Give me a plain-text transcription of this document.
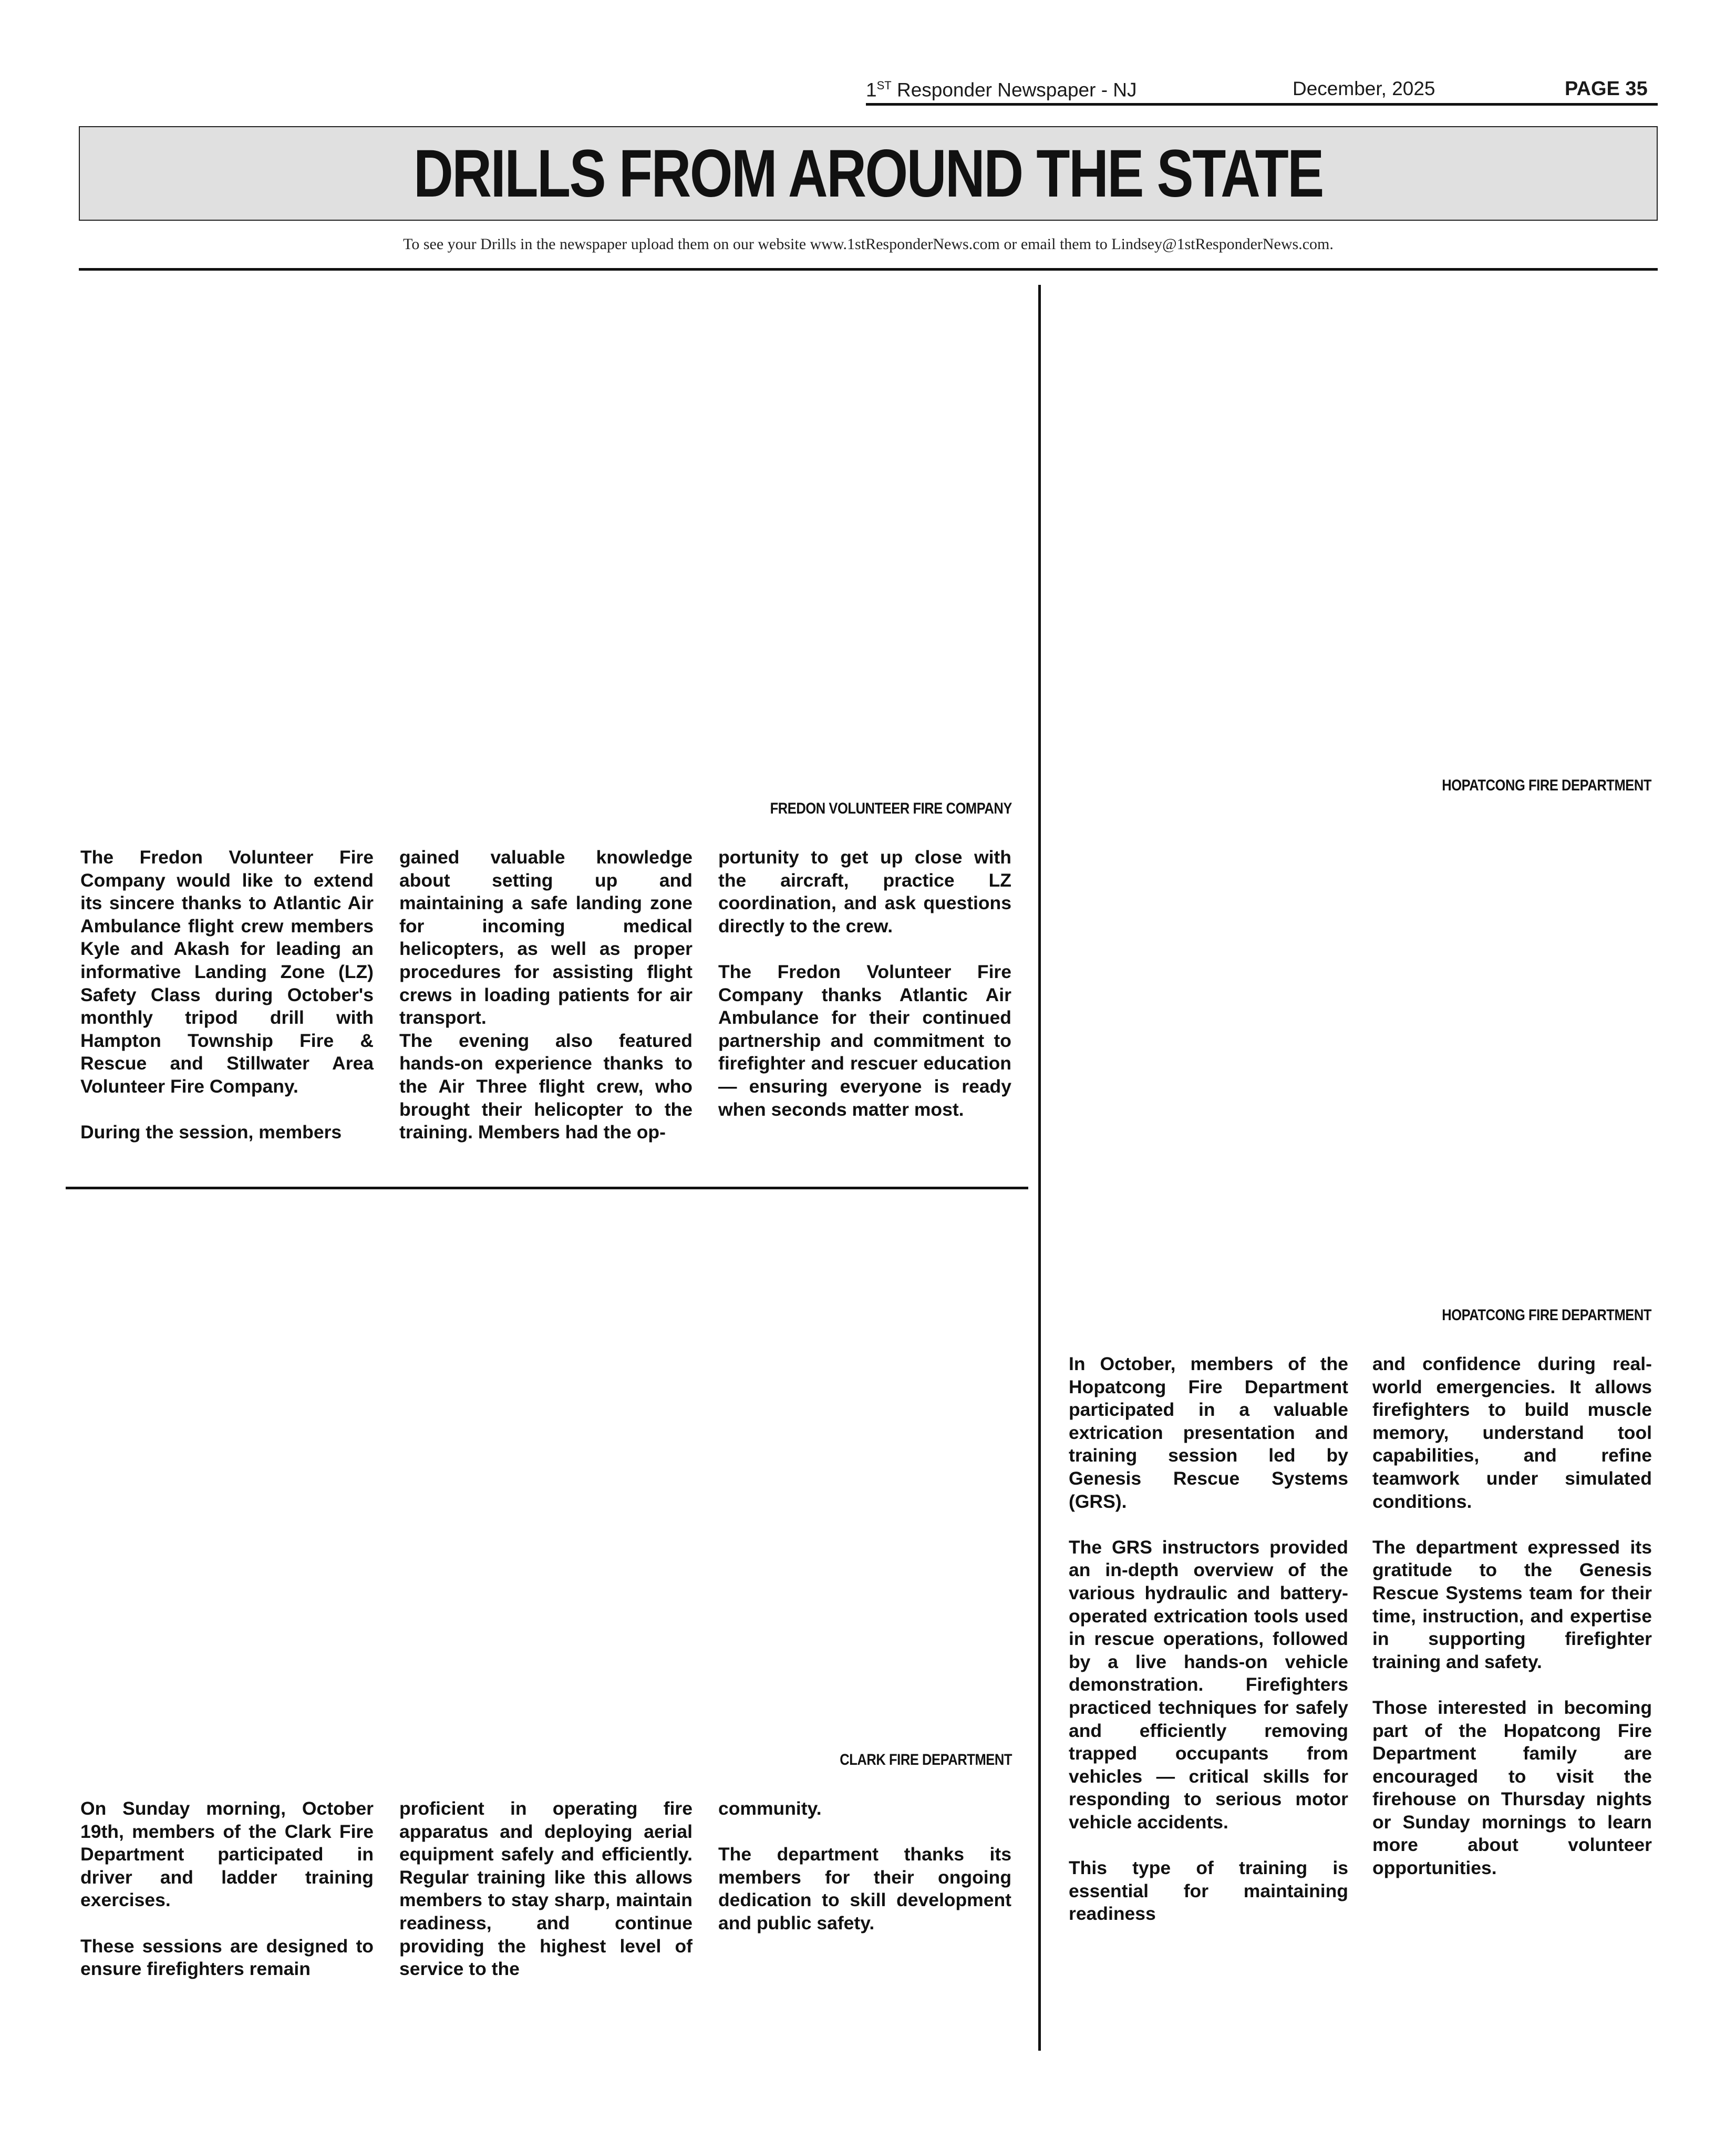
1ST Responder Newspaper - NJ	December, 2025	PAGE 35
DRILLS FROM AROUND THE STATE
To see your Drills in the newspaper upload them on our website www.1stResponderNews.com or email them to Lindsey@1stResponderNews.com.
FREDON VOLUNTEER FIRE COMPANY

The Fredon Volunteer Fire Company would like to extend its sincere thanks to Atlantic Air Ambulance flight crew members Kyle and Akash for leading an informative Landing Zone (LZ) Safety Class during October's monthly tripod drill with Hampton Township Fire & Rescue and Stillwater Area Volunteer Fire Company.

During the session, members

gained valuable knowledge about setting up and maintaining a safe landing zone for incoming medical helicopters, as well as proper procedures for assisting flight crews in loading patients for air transport.

The evening also featured hands-on experience thanks to the Air Three flight crew, who brought their helicopter to the training. Members had the op-

portunity to get up close with the aircraft, practice LZ coordination, and ask questions directly to the crew.

The Fredon Volunteer Fire Company thanks Atlantic Air Ambulance for their continued partnership and commitment to firefighter and rescuer education — ensuring everyone is ready when seconds matter most.

CLARK FIRE DEPARTMENT

On Sunday morning, October 19th, members of the Clark Fire Department participated in driver and ladder training exercises.

These sessions are designed to ensure firefighters remain

proficient in operating fire apparatus and deploying aerial equipment safely and efficiently. Regular training like this allows members to stay sharp, maintain readiness, and continue providing the highest level of service to the

community.

The department thanks its members for their ongoing dedication to skill development and public safety.

HOPATCONG FIRE DEPARTMENT
HOPATCONG FIRE DEPARTMENT

In October, members of the Hopatcong Fire Department participated in a valuable extrication presentation and training session led by Genesis Rescue Systems (GRS).

The GRS instructors provided an in-depth overview of the various hydraulic and battery-operated extrication tools used in rescue operations, followed by a live hands-on vehicle demonstration. Firefighters practiced techniques for safely and efficiently removing trapped occupants from vehicles — critical skills for responding to serious motor vehicle accidents.

This type of training is essential for maintaining readiness

and confidence during real-world emergencies. It allows firefighters to build muscle memory, understand tool capabilities, and refine teamwork under simulated conditions.

The department expressed its gratitude to the Genesis Rescue Systems team for their time, instruction, and expertise in supporting firefighter training and safety.

Those interested in becoming part of the Hopatcong Fire Department family are encouraged to visit the firehouse on Thursday nights or Sunday mornings to learn more about volunteer opportunities.
